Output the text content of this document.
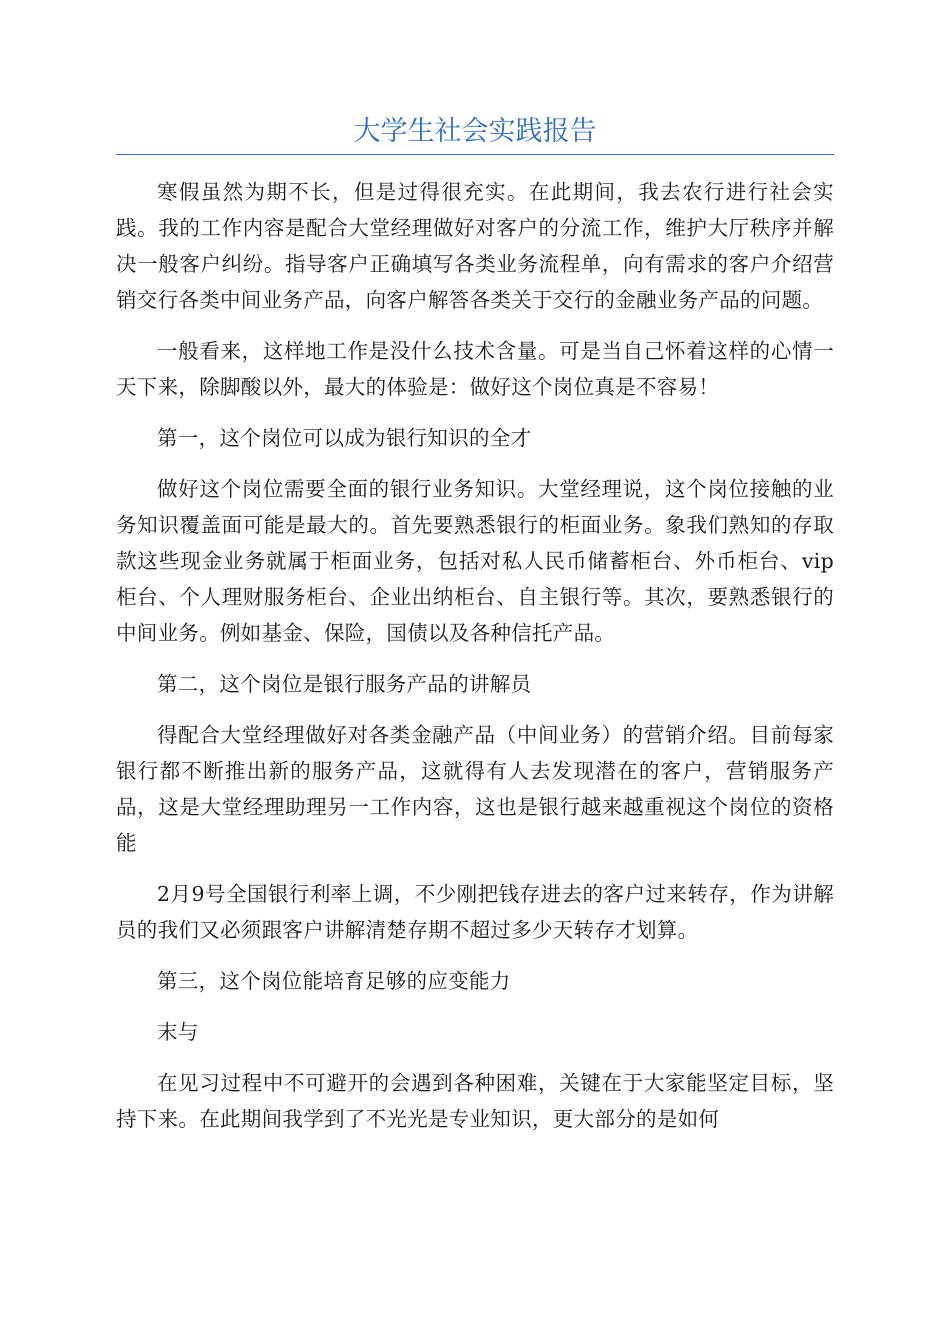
大学生社会实践报告

寒假虽然为期不长，但是过得很充实。在此期间，我去农行进行社会实践。我的工作内容是配合大堂经理做好对客户的分流工作，维护大厅秩序并解决一般客户纠纷。指导客户正确填写各类业务流程单，向有需求的客户介绍营销交行各类中间业务产品，向客户解答各类关于交行的金融业务产品的问题。

一般看来，这样地工作是没什么技术含量。可是当自己怀着这样的心情一天下来，除脚酸以外，最大的体验是：做好这个岗位真是不容易！

第一，这个岗位可以成为银行知识的全才

做好这个岗位需要全面的银行业务知识。大堂经理说，这个岗位接触的业务知识覆盖面可能是最大的。首先要熟悉银行的柜面业务。象我们熟知的存取款这些现金业务就属于柜面业务，包括对私人民币储蓄柜台、外币柜台、vip柜台、个人理财服务柜台、企业出纳柜台、自主银行等。其次，要熟悉银行的中间业务。例如基金、保险，国债以及各种信托产品。

第二，这个岗位是银行服务产品的讲解员

得配合大堂经理做好对各类金融产品（中间业务）的营销介绍。目前每家银行都不断推出新的服务产品，这就得有人去发现潜在的客户，营销服务产品，这是大堂经理助理另一工作内容，这也是银行越来越重视这个岗位的资格能

2月9号全国银行利率上调，不少刚把钱存进去的客户过来转存，作为讲解员的我们又必须跟客户讲解清楚存期不超过多少天转存才划算。

第三，这个岗位能培育足够的应变能力

末与

在见习过程中不可避开的会遇到各种困难，关键在于大家能坚定目标，坚持下来。在此期间我学到了不光光是专业知识，更大部分的是如何
